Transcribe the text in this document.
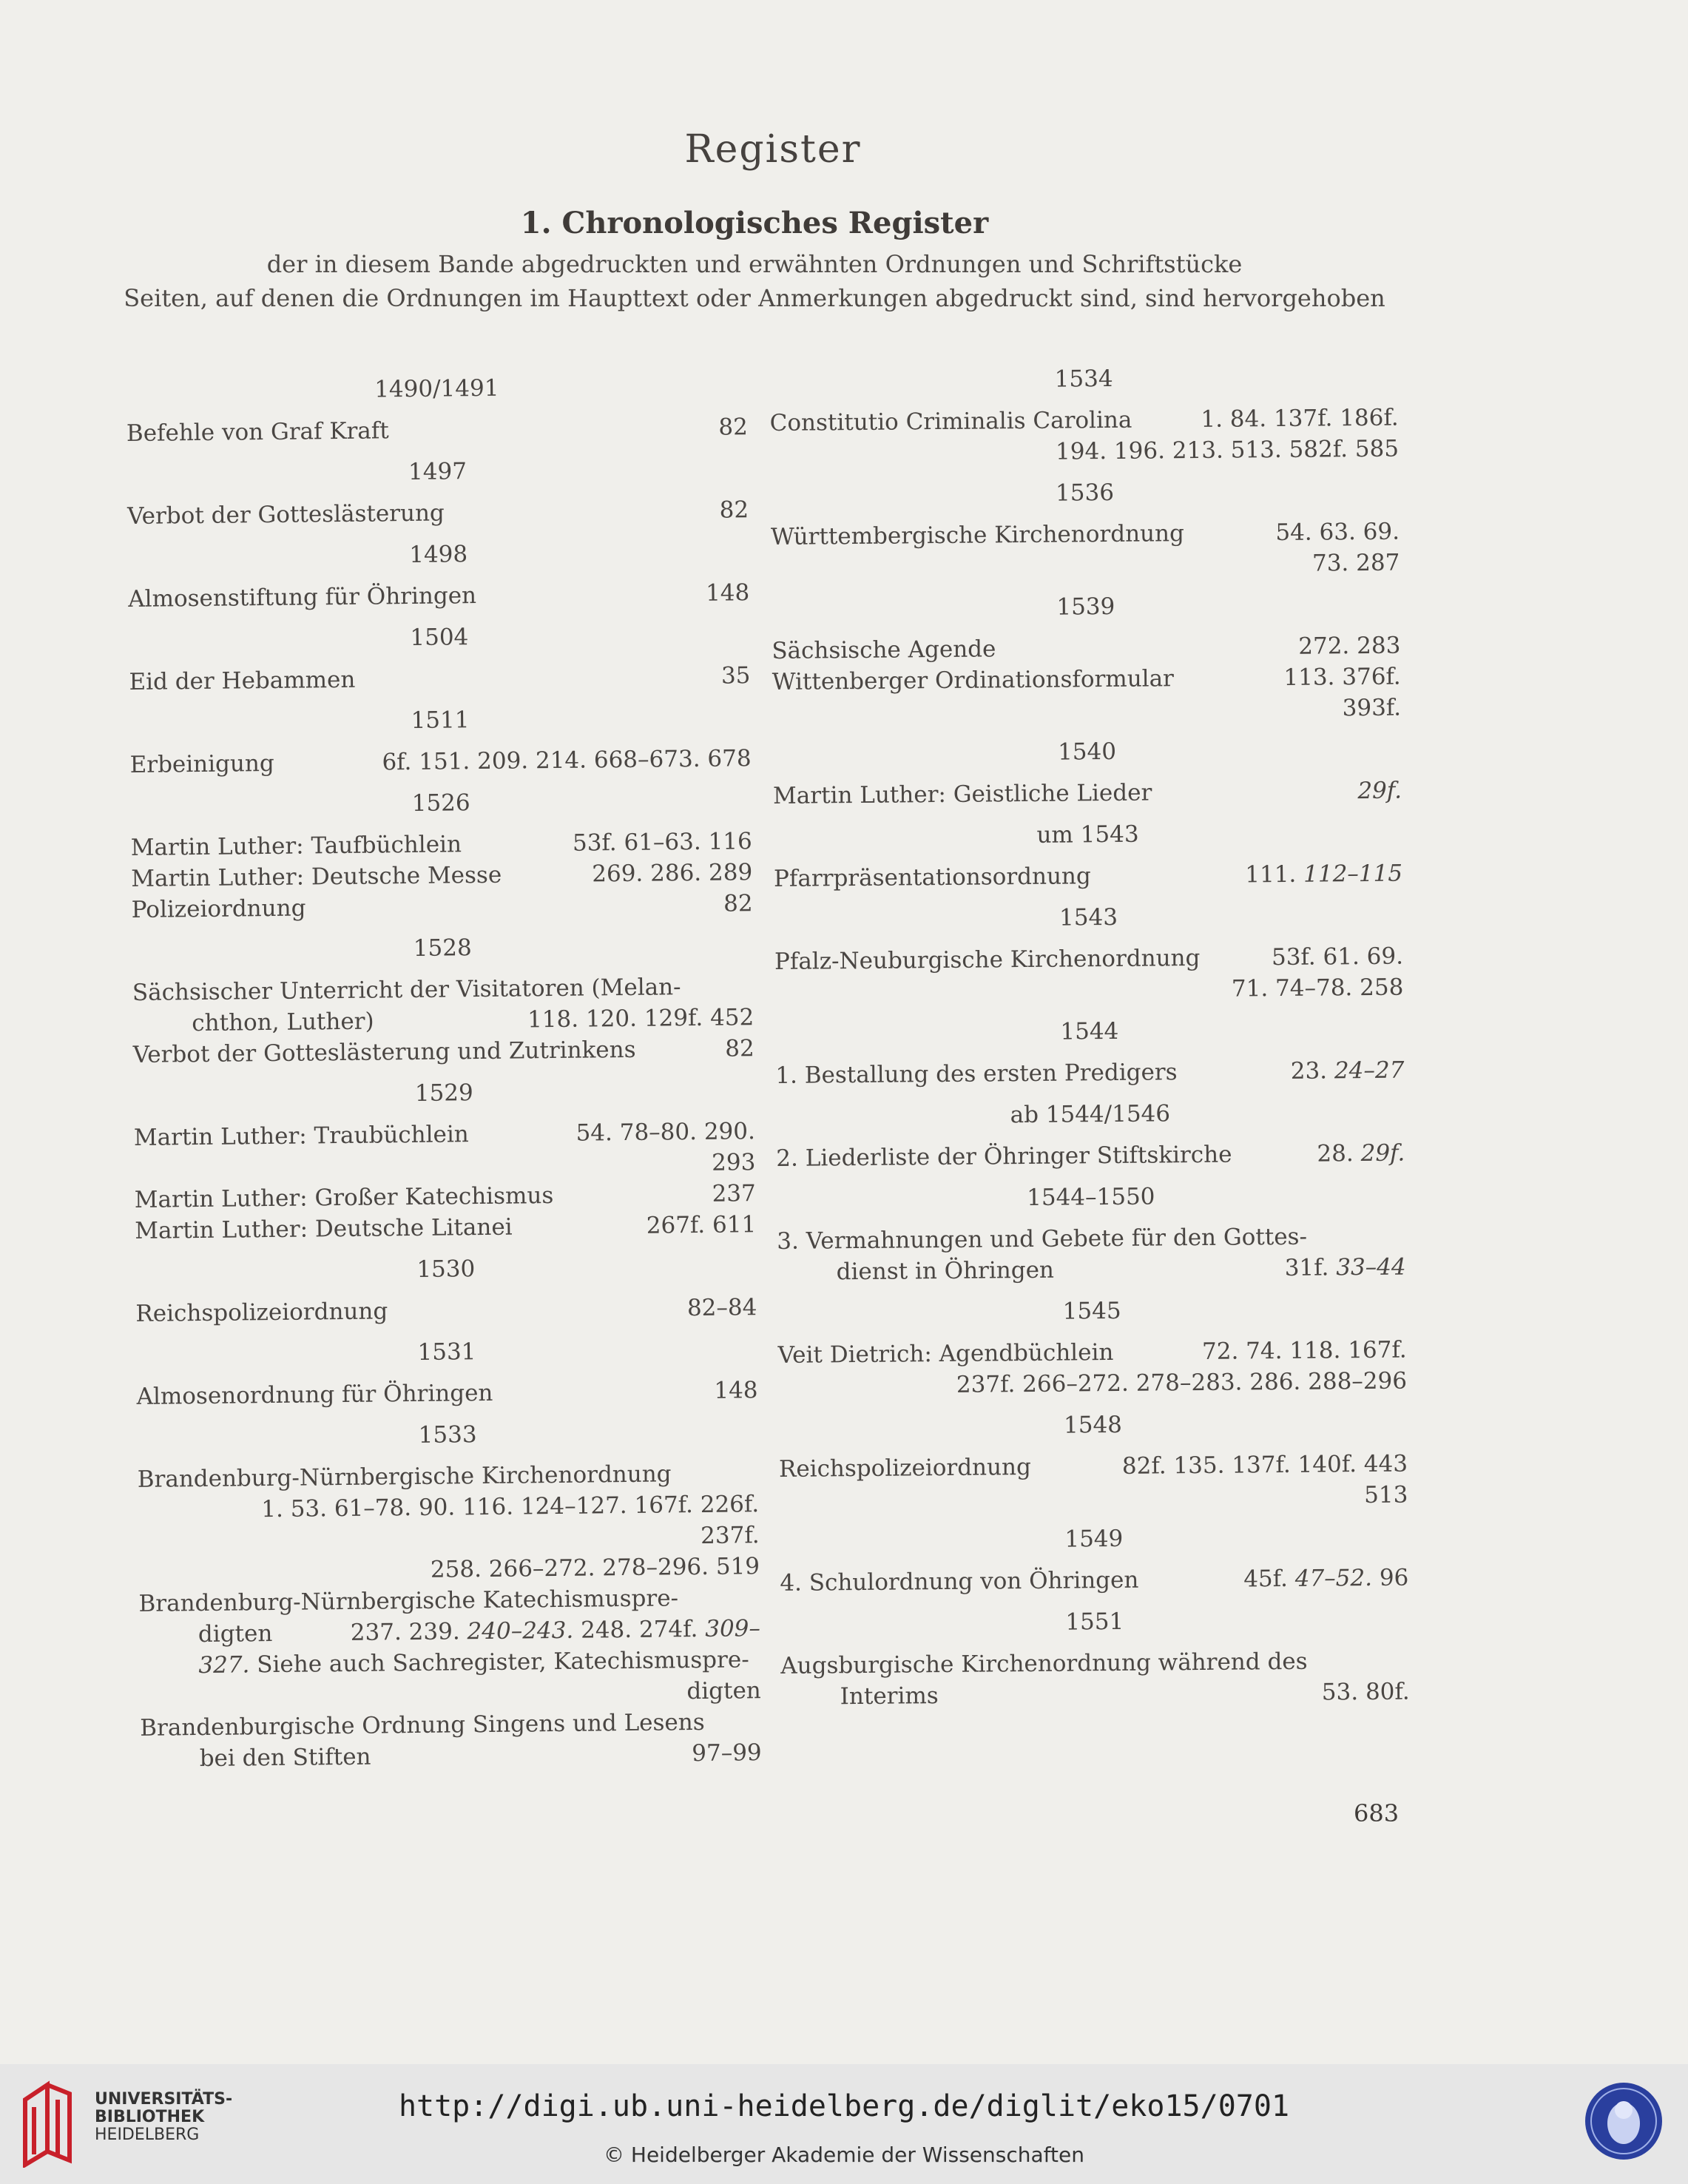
Register
1. Chronologisches Register
der in diesem Bande abgedruckten und erwähnten Ordnungen und Schriftstücke
Seiten, auf denen die Ordnungen im Haupttext oder Anmerkungen abgedruckt sind, sind hervorgehoben
1490/1491
Befehle von Graf Kraft	82
1497
Verbot der Gotteslästerung	82
1498
Almosenstiftung für Öhringen	148
1504
Eid der Hebammen	35
1511
Erbeinigung	6f. 151. 209. 214. 668–673. 678
1526
Martin Luther: Taufbüchlein	53f. 61–63. 116
Martin Luther: Deutsche Messe	269. 286. 289
Polizeiordnung	82
1528
Sächsischer Unterricht der Visitatoren (Melan-
chthon, Luther)	118. 120. 129f. 452
Verbot der Gotteslästerung und Zutrinkens	82
1529
Martin Luther: Traubüchlein	54. 78–80. 290.
293
Martin Luther: Großer Katechismus	237
Martin Luther: Deutsche Litanei	267f. 611
1530
Reichspolizeiordnung	82–84
1531
Almosenordnung für Öhringen	148
1533
Brandenburg-Nürnbergische Kirchenordnung
1. 53. 61–78. 90. 116. 124–127. 167f. 226f. 237f.
258. 266–272. 278–296. 519
Brandenburg-Nürnbergische Katechismuspre-
digten	237. 239. 240–243. 248. 274f. 309–
327. Siehe auch Sachregister, Katechismuspre-
digten
Brandenburgische Ordnung Singens und Lesens
bei den Stiften	97–99
1534
Constitutio Criminalis Carolina	1. 84. 137f. 186f.
194. 196. 213. 513. 582f. 585
1536
Württembergische Kirchenordnung	54. 63. 69.
73. 287
1539
Sächsische Agende	272. 283
Wittenberger Ordinationsformular	113. 376f.
393f.
1540
Martin Luther: Geistliche Lieder	29f.
um 1543
Pfarrpräsentationsordnung	111. 112–115
1543
Pfalz-Neuburgische Kirchenordnung	53f. 61. 69.
71. 74–78. 258
1544
1. Bestallung des ersten Predigers	23. 24–27
ab 1544/1546
2. Liederliste der Öhringer Stiftskirche	28. 29f.
1544–1550
3. Vermahnungen und Gebete für den Gottes-
dienst in Öhringen	31f. 33–44
1545
Veit Dietrich: Agendbüchlein	72. 74. 118. 167f.
237f. 266–272. 278–283. 286. 288–296
1548
Reichspolizeiordnung	82f. 135. 137f. 140f. 443
513
1549
4. Schulordnung von Öhringen	45f. 47–52. 96
1551
Augsburgische Kirchenordnung während des
Interims	53. 80f.
683
UNIVERSITÄTS-
BIBLIOTHEK
HEIDELBERG
http://digi.ub.uni-heidelberg.de/diglit/eko15/0701
© Heidelberger Akademie der Wissenschaften
